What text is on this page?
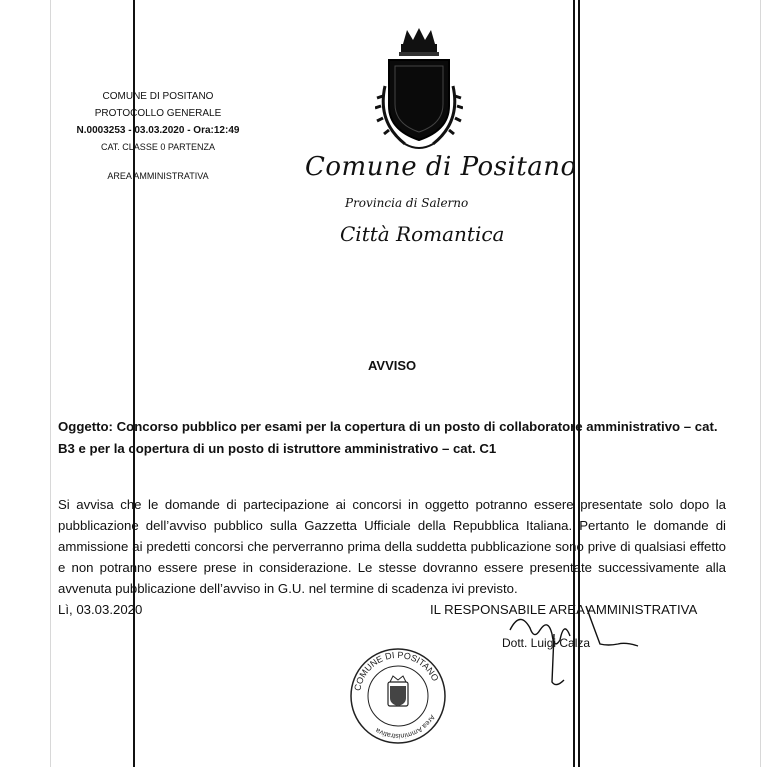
COMUNE DI POSITANO
PROTOCOLLO GENERALE
N.0003253 - 03.03.2020 - Ora:12:49
CAT. CLASSE 0 PARTENZA
AREA AMMINISTRATIVA	Comune di Positano
Provincia di Salerno
Città Romantica
AVVISO
Oggetto: Concorso pubblico per esami per la copertura di un posto di collaboratore amministrativo – cat. B3 e per la copertura di un posto di istruttore amministrativo – cat. C1
Si avvisa che le domande di partecipazione ai concorsi in oggetto potranno essere presentate solo dopo la pubblicazione dell’avviso pubblico sulla Gazzetta Ufficiale della Repubblica Italiana. Pertanto le domande di ammissione ai predetti concorsi che perverranno prima della suddetta pubblicazione sono prive di qualsiasi effetto e non potranno essere prese in considerazione. Le stesse dovranno essere presentate successivamente alla avvenuta pubblicazione dell’avviso in G.U. nel termine di scadenza ivi previsto.
Lì, 03.03.2020	IL RESPONSABILE AREA AMMINISTRATIVA
Dott. Luigi Calza
COMUNE DI POSITANO
Area Amministrativa
